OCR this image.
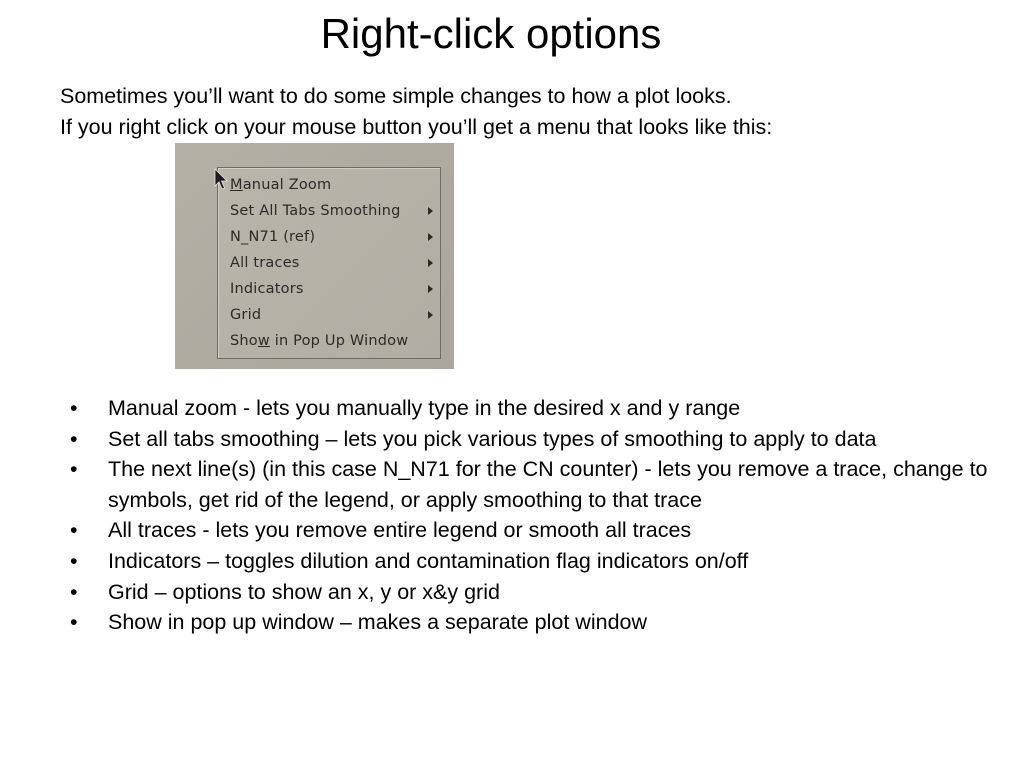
Right-click options
Sometimes you’ll want to do some simple changes to how a plot looks.
If you right click on your mouse button you’ll get a menu that looks like this:
Manual Zoom
Set All Tabs Smoothing
N_N71 (ref)
All traces
Indicators
Grid
Show in Pop Up Window
• Manual zoom - lets you manually type in the desired x and y range
• Set all tabs smoothing – lets you pick various types of smoothing to apply to data
• The next line(s) (in this case N_N71 for the CN counter) - lets you remove a trace, change to symbols, get rid of the legend, or apply smoothing to that trace
• All traces - lets you remove entire legend or smooth all traces
• Indicators – toggles dilution and contamination flag indicators on/off
• Grid – options to show an x, y or x&y grid
• Show in pop up window – makes a separate plot window
